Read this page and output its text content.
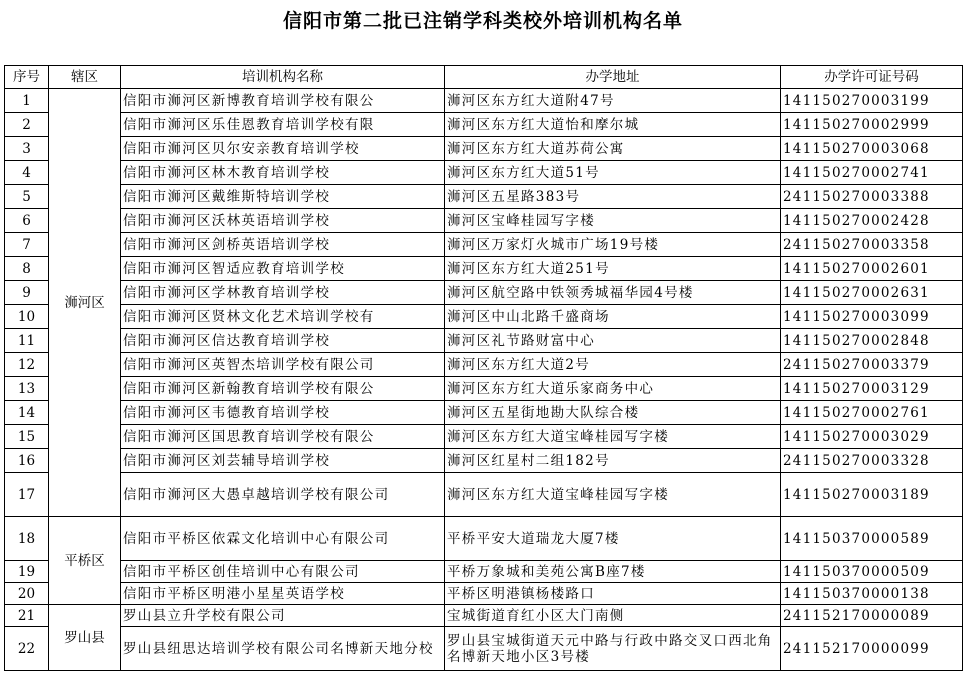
信阳市第二批已注销学科类校外培训机构名单
序号	辖区	培训机构名称	办学地址	办学许可证号码
1	浉河区	信阳市浉河区新博教育培训学校有限公	浉河区东方红大道附47号	141150270003199
2		信阳市浉河区乐佳恩教育培训学校有限	浉河区东方红大道怡和摩尔城	141150270002999
3		信阳市浉河区贝尔安亲教育培训学校	浉河区东方红大道苏荷公寓	141150270003068
4		信阳市浉河区林木教育培训学校	浉河区东方红大道51号	141150270002741
5		信阳市浉河区戴维斯特培训学校	浉河区五星路383号	241150270003388
6		信阳市浉河区沃林英语培训学校	浉河区宝峰桂园写字楼	141150270002428
7		信阳市浉河区剑桥英语培训学校	浉河区万家灯火城市广场19号楼	241150270003358
8		信阳市浉河区智适应教育培训学校	浉河区东方红大道251号	141150270002601
9		信阳市浉河区学林教育培训学校	浉河区航空路中铁领秀城福华园4号楼	141150270002631
10		信阳市浉河区贤林文化艺术培训学校有	浉河区中山北路千盛商场	141150270003099
11		信阳市浉河区信达教育培训学校	浉河区礼节路财富中心	141150270002848
12		信阳市浉河区英智杰培训学校有限公司	浉河区东方红大道2号	241150270003379
13		信阳市浉河区新翰教育培训学校有限公	浉河区东方红大道乐家商务中心	141150270003129
14		信阳市浉河区韦德教育培训学校	浉河区五星街地勘大队综合楼	141150270002761
15		信阳市浉河区国思教育培训学校有限公	浉河区东方红大道宝峰桂园写字楼	141150270003029
16		信阳市浉河区刘芸辅导培训学校	浉河区红星村二组182号	241150270003328
17		信阳市浉河区大愚卓越培训学校有限公司	浉河区东方红大道宝峰桂园写字楼	141150270003189
18	平桥区	信阳市平桥区依霖文化培训中心有限公司	平桥平安大道瑞龙大厦7楼	141150370000589
19		信阳市平桥区创佳培训中心有限公司	平桥万象城和美苑公寓B座7楼	141150370000509
20		信阳市平桥区明港小星星英语学校	平桥区明港镇杨楼路口	141150370000138
21	罗山县	罗山县立升学校有限公司	宝城街道育红小区大门南侧	241152170000089
22		罗山县纽思达培训学校有限公司名博新天地分校	罗山县宝城街道天元中路与行政中路交叉口西北角名博新天地小区3号楼	241152170000099
